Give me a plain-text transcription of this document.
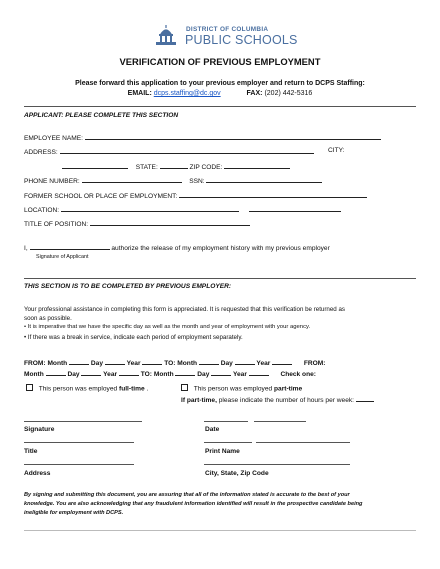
DISTRICT OF COLUMBIA
PUBLIC SCHOOLS
VERIFICATION OF PREVIOUS EMPLOYMENT
Please forward this application to your previous employer and return to DCPS Staffing:
EMAIL: dcps.staffing@dc.gov	FAX: (202) 442-5316
APPLICANT: PLEASE COMPLETE THIS SECTION
EMPLOYEE NAME:
ADDRESS:	CITY:
STATE:	ZIP CODE:
PHONE NUMBER:	SSN:
FORMER SCHOOL OR PLACE OF EMPLOYMENT:
LOCATION:
TITLE OF POSITION:
I,	authorize the release of my employment history with my previous employer
Signature of Applicant
THIS SECTION IS TO BE COMPLETED BY PREVIOUS EMPLOYER:
Your professional assistance in completing this form is appreciated. It is requested that this verification be returned as
soon as possible.
• It is imperative that we have the specific day as well as the month and year of employment with your agency.
• If there was a break in service, indicate each period of employment separately.
FROM: Month	Day	Year	TO: Month	Day	Year	FROM:
Month	Day	Year	TO: Month	Day	Year	Check one:
This person was employed full-time .	This person was employed part-time
If part-time, please indicate the number of hours per week:
Signature	Date
Title	Print Name
Address	City, State, Zip Code
By signing and submitting this document, you are assuring that all of the information stated is accurate to the best of your
knowledge. You are also acknowledging that any fraudulent information identified will result in the prospective candidate being
ineligible for employment with DCPS.
